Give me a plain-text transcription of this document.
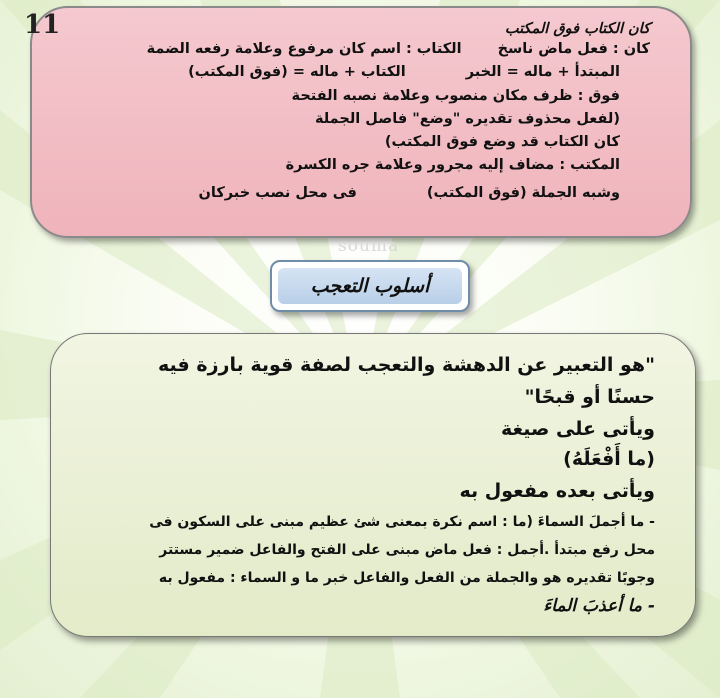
11	كان الكتاب فوق المكتب
كان : فعل ماض ناسخالكتاب : اسم كان مرفوع وعلامة رفعه الضمة
المبتدأ + ماله = الخبرالكتاب + ماله = (فوق المكتب)
فوق : ظرف مكان منصوب وعلامة نصبه الفتحة
(لفعل محذوف تقديره "وضع" فاصل الجملة
كان الكتاب قد وضع فوق المكتب)
المكتب : مضاف إليه مجرور وعلامة جره الكسرة
وشبه الجملة (فوق المكتب)فى محل نصب خبركان
souma
أسلوب التعجب
"هو التعبير عن الدهشة والتعجب لصفة قوية بارزة فيه
حسنًا أو قبحًا"
ويأتى على صيغة
(ما أَفْعَلَهُ)
ويأتى بعده مفعول به
- ما أجملَ السماءَ (ما : اسم نكرة بمعنى شئ عظيم مبنى على السكون فى
محل رفع مبتدأ .أجمل : فعل ماض مبنى على الفتح والفاعل ضمير مستتر
وجوبًا تقديره هو والجملة من الفعل والفاعل خبر ما و السماء : مفعول به
- ما أعذبَ الماءَ
